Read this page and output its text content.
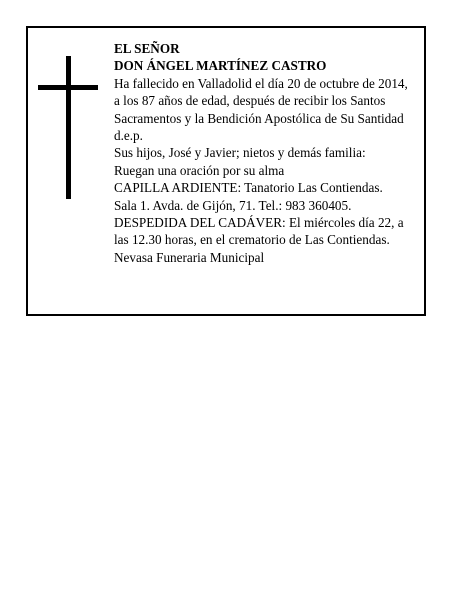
EL SEÑOR
DON ÁNGEL MARTÍNEZ CASTRO
Ha fallecido en Valladolid el día 20 de octubre de 2014,
a los 87 años de edad, después de recibir los Santos
Sacramentos y la Bendición Apostólica de Su Santidad
d.e.p.
Sus hijos, José y Javier; nietos y demás familia:
Ruegan una oración por su alma
CAPILLA ARDIENTE: Tanatorio Las Contiendas.
Sala 1. Avda. de Gijón, 71. Tel.: 983 360405.
DESPEDIDA DEL CADÁVER: El miércoles día 22, a
las 12.30 horas, en el crematorio de Las Contiendas.
Nevasa Funeraria Municipal
